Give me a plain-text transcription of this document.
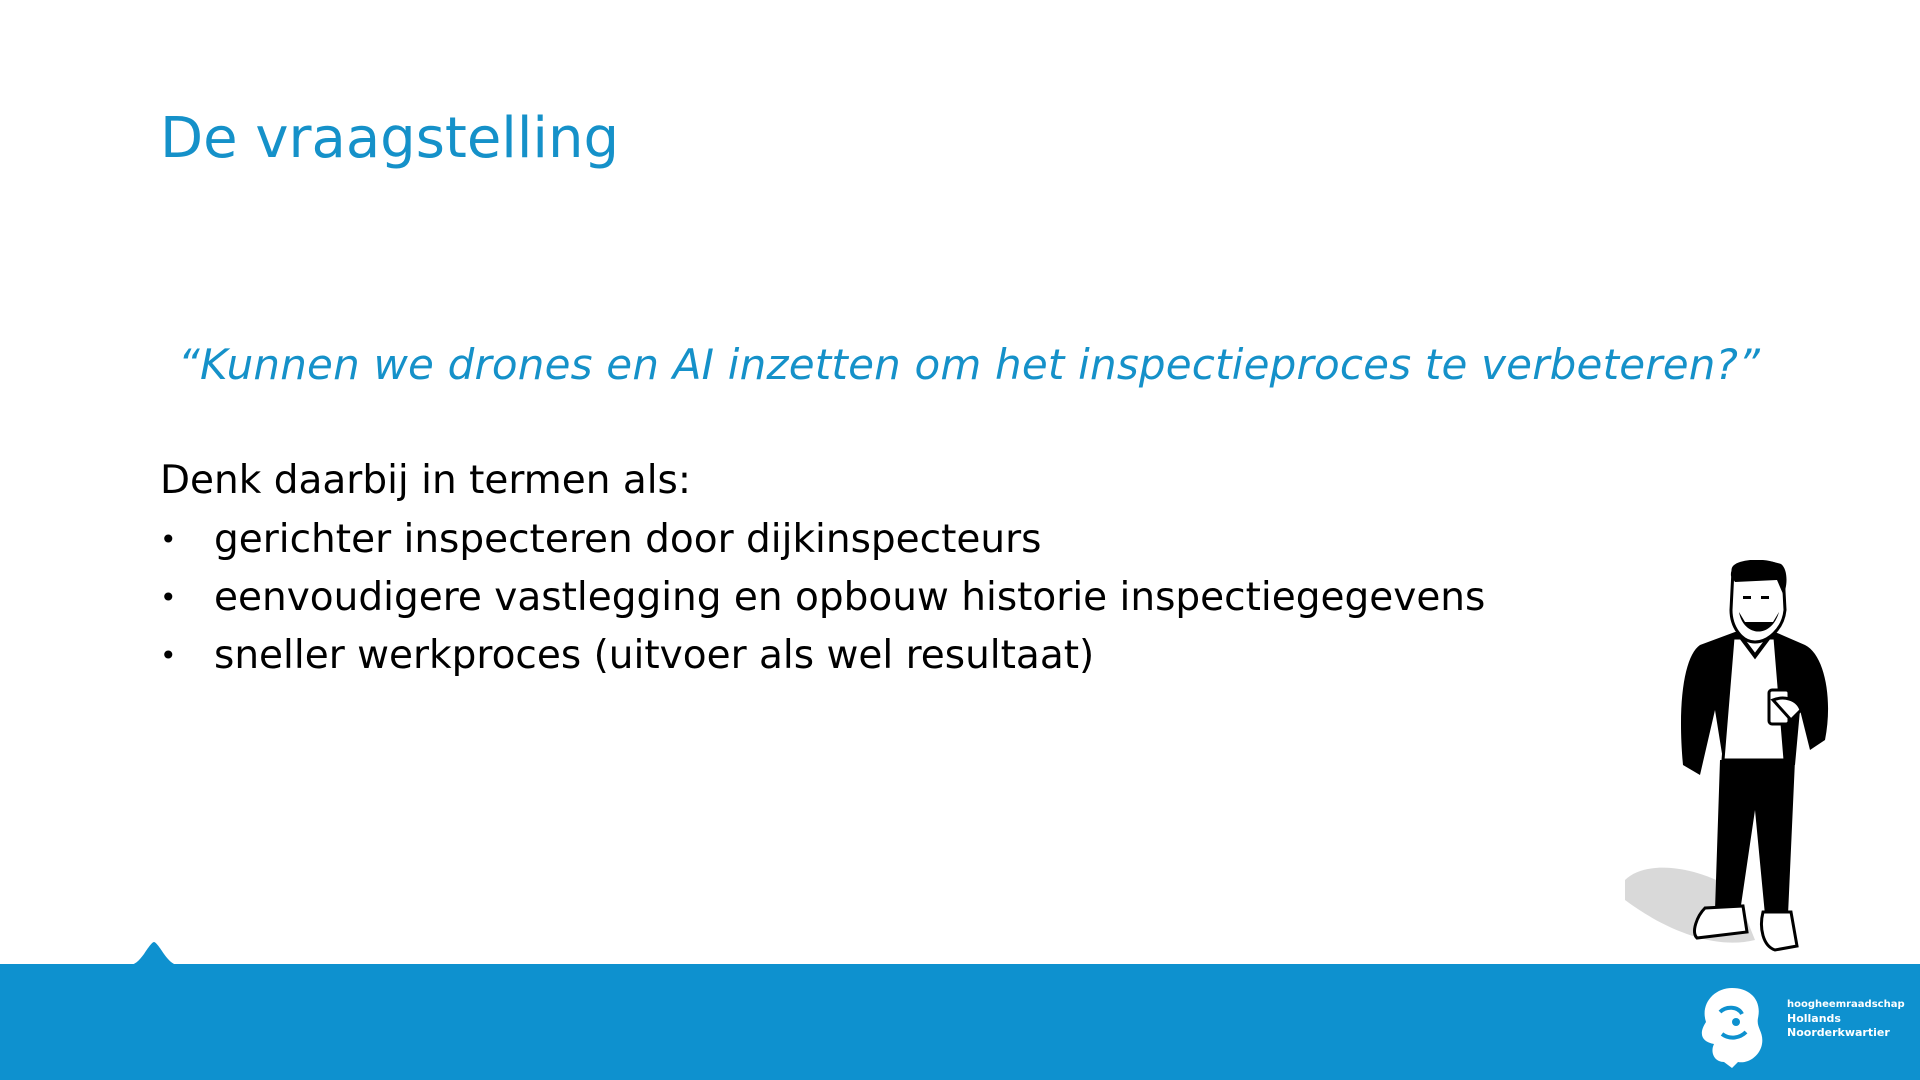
De vraagstelling
“Kunnen we drones en AI inzetten om het inspectieproces te verbeteren?”
Denk daarbij in termen als:
• gerichter inspecteren door dijkinspecteurs
• eenvoudigere vastlegging en opbouw historie inspectiegegevens
• sneller werkproces (uitvoer als wel resultaat)
hoogheemraadschap
Hollands
Noorderkwartier
